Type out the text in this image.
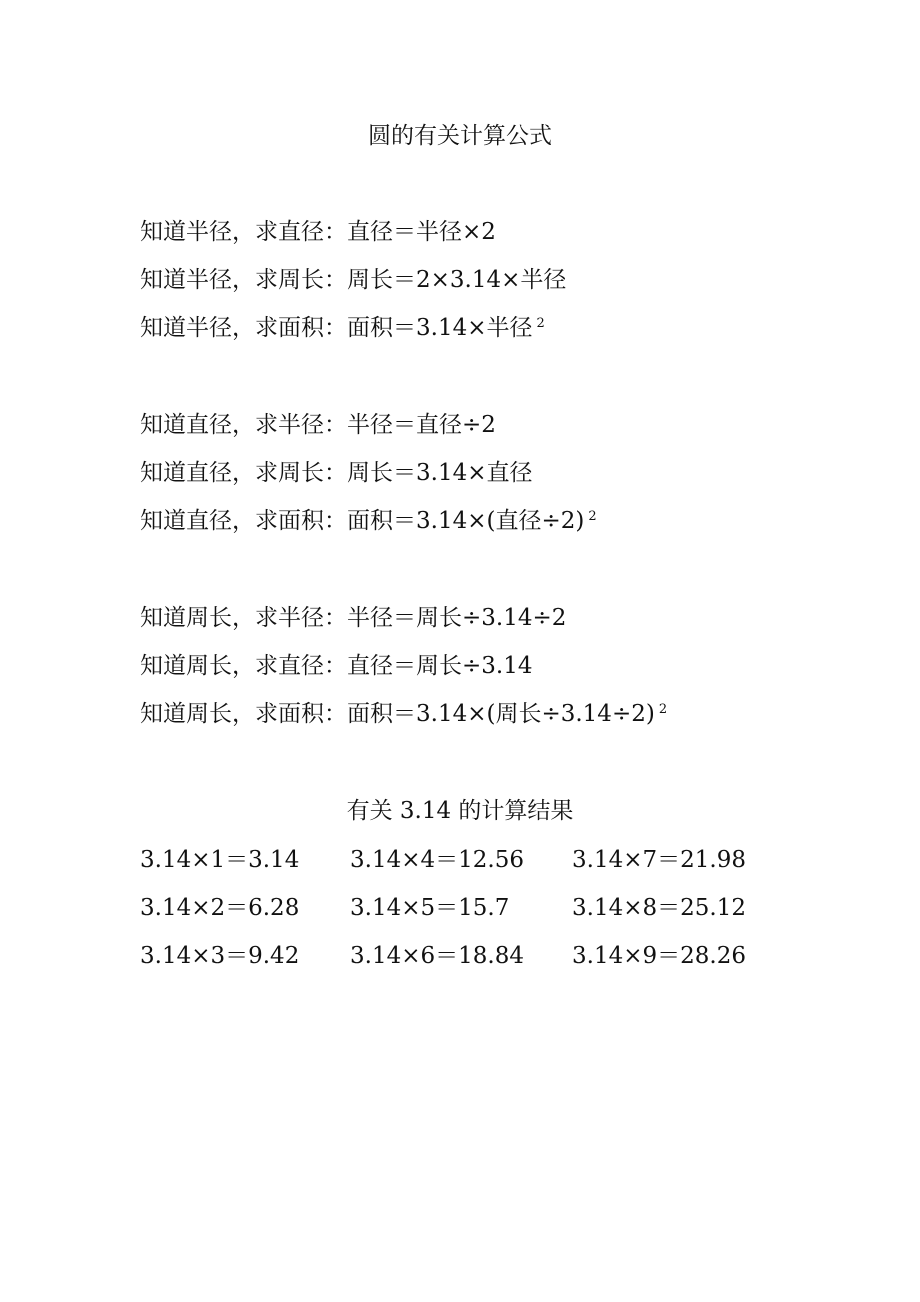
圆的有关计算公式
知道半径，求直径：直径＝半径×2
知道半径，求周长：周长＝2×3.14×半径
知道半径，求面积：面积＝3.14×半径 $^2$
知道直径，求半径：半径＝直径÷2
知道直径，求周长：周长＝3.14×直径
知道直径，求面积：面积＝3.14×(直径÷2) $^2$
知道周长，求半径：半径＝周长÷3.14÷2
知道周长，求直径：直径＝周长÷3.14
知道周长，求面积：面积＝3.14×(周长÷3.14÷2) $^2$
有关 3.14 的计算结果
3.14×1＝3.14 3.14×4＝12.56 3.14×7＝21.98
3.14×2＝6.28 3.14×5＝15.7	3.14×8＝25.12
3.14×3＝9.42 3.14×6＝18.84 3.14×9＝28.26
